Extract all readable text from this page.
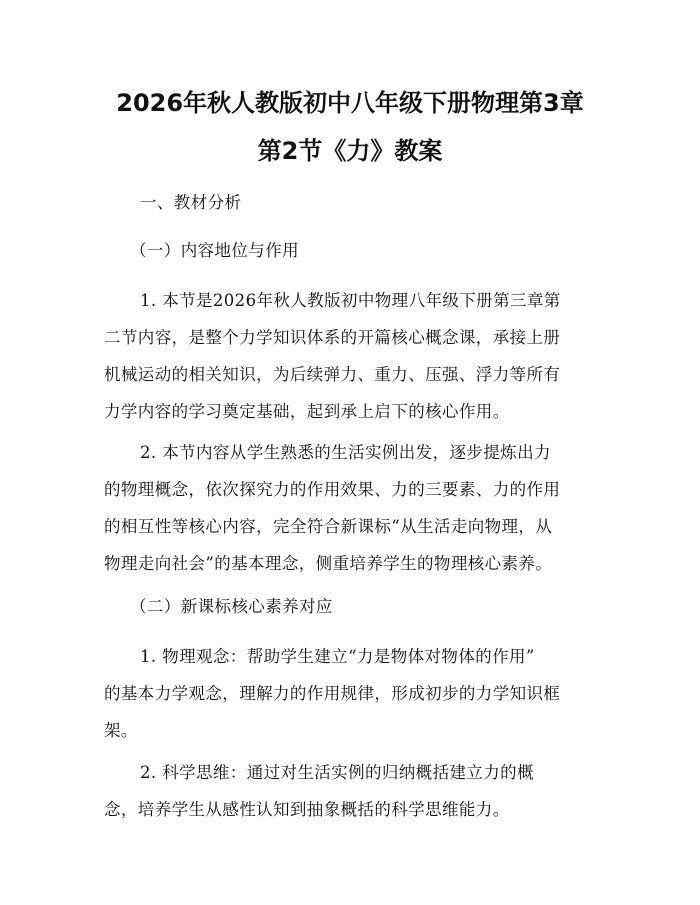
2026年秋人教版初中八年级下册物理第3章
第2节《力》教案
一、教材分析
（一）内容地位与作用
1. 本节是2026年秋人教版初中物理八年级下册第三章第
二节内容，是整个力学知识体系的开篇核心概念课，承接上册
机械运动的相关知识，为后续弹力、重力、压强、浮力等所有
力学内容的学习奠定基础，起到承上启下的核心作用。
2. 本节内容从学生熟悉的生活实例出发，逐步提炼出力
的物理概念，依次探究力的作用效果、力的三要素、力的作用
的相互性等核心内容，完全符合新课标“从生活走向物理，从
物理走向社会”的基本理念，侧重培养学生的物理核心素养。
（二）新课标核心素养对应
1. 物理观念：帮助学生建立“力是物体对物体的作用”
的基本力学观念，理解力的作用规律，形成初步的力学知识框
架。
2. 科学思维：通过对生活实例的归纳概括建立力的概
念，培养学生从感性认知到抽象概括的科学思维能力。
